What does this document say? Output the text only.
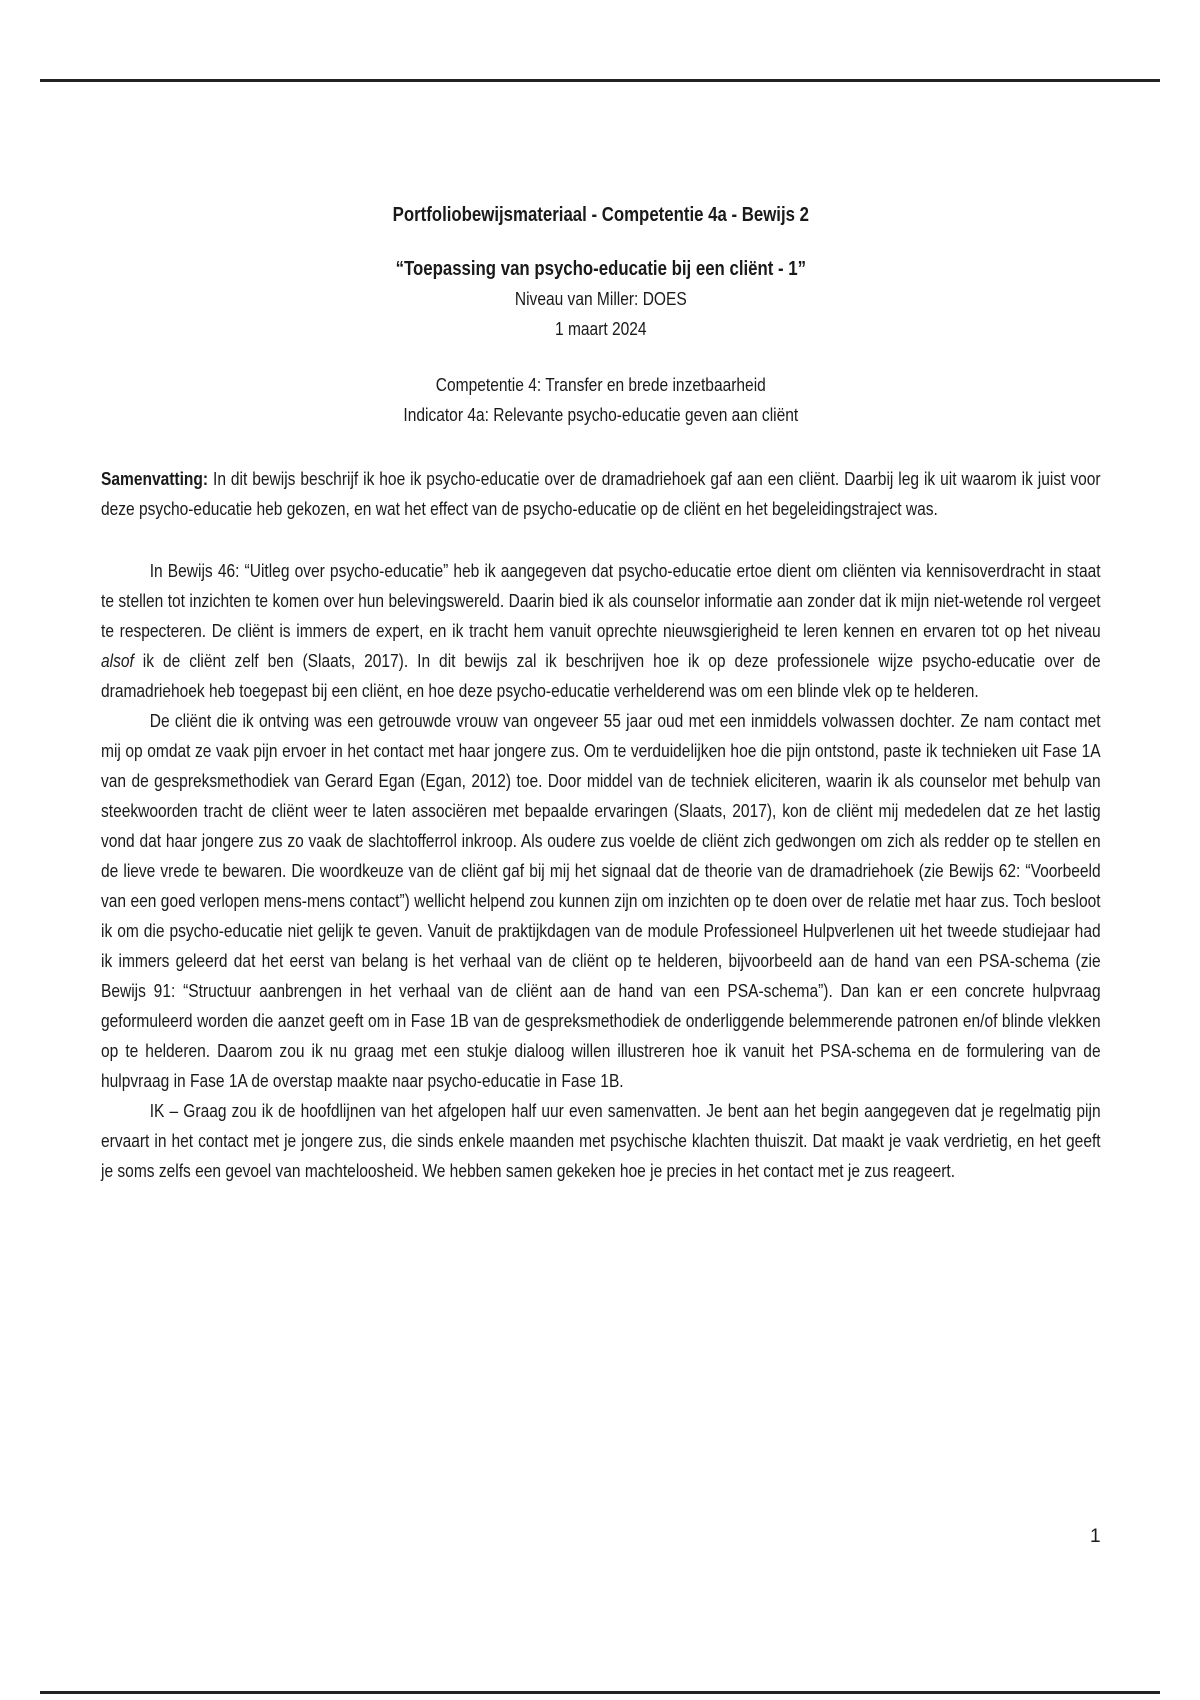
Portfoliobewijsmateriaal - Competentie 4a - Bewijs 2

“Toepassing van psycho-educatie bij een cliënt - 1”

Niveau van Miller: DOES

1 maart 2024

Competentie 4: Transfer en brede inzetbaarheid

Indicator 4a: Relevante psycho-educatie geven aan cliënt

Samenvatting: In dit bewijs beschrijf ik hoe ik psycho-educatie over de dramadriehoek gaf aan een cliënt. Daarbij leg ik uit waarom ik juist voor deze psycho-educatie heb gekozen, en wat het effect van de psycho-educatie op de cliënt en het begeleidingstraject was.

In Bewijs 46: “Uitleg over psycho-educatie” heb ik aangegeven dat psycho-educatie ertoe dient om cliënten via kennisoverdracht in staat te stellen tot inzichten te komen over hun belevingswereld. Daarin bied ik als counselor informatie aan zonder dat ik mijn niet-wetende rol vergeet te respecteren. De cliënt is immers de expert, en ik tracht hem vanuit oprechte nieuwsgierigheid te leren kennen en ervaren tot op het niveau alsof ik de cliënt zelf ben (Slaats, 2017). In dit bewijs zal ik beschrijven hoe ik op deze professionele wijze psycho-educatie over de dramadriehoek heb toegepast bij een cliënt, en hoe deze psycho-educatie verhelderend was om een blinde vlek op te helderen.

De cliënt die ik ontving was een getrouwde vrouw van ongeveer 55 jaar oud met een inmiddels volwassen dochter. Ze nam contact met mij op omdat ze vaak pijn ervoer in het contact met haar jongere zus. Om te verduidelijken hoe die pijn ontstond, paste ik technieken uit Fase 1A van de gespreksmethodiek van Gerard Egan (Egan, 2012) toe. Door middel van de techniek eliciteren, waarin ik als counselor met behulp van steekwoorden tracht de cliënt weer te laten associëren met bepaalde ervaringen (Slaats, 2017), kon de cliënt mij mededelen dat ze het lastig vond dat haar jongere zus zo vaak de slachtofferrol inkroop. Als oudere zus voelde de cliënt zich gedwongen om zich als redder op te stellen en de lieve vrede te bewaren. Die woordkeuze van de cliënt gaf bij mij het signaal dat de theorie van de dramadriehoek (zie Bewijs 62: “Voorbeeld van een goed verlopen mens-mens contact”) wellicht helpend zou kunnen zijn om inzichten op te doen over de relatie met haar zus. Toch besloot ik om die psycho-educatie niet gelijk te geven. Vanuit de praktijkdagen van de module Professioneel Hulpverlenen uit het tweede studiejaar had ik immers geleerd dat het eerst van belang is het verhaal van de cliënt op te helderen, bijvoorbeeld aan de hand van een PSA-schema (zie Bewijs 91: “Structuur aanbrengen in het verhaal van de cliënt aan de hand van een PSA-schema”). Dan kan er een concrete hulpvraag geformuleerd worden die aanzet geeft om in Fase 1B van de gespreksmethodiek de onderliggende belemmerende patronen en/of blinde vlekken op te helderen. Daarom zou ik nu graag met een stukje dialoog willen illustreren hoe ik vanuit het PSA-schema en de formulering van de hulpvraag in Fase 1A de overstap maakte naar psycho-educatie in Fase 1B.

IK – Graag zou ik de hoofdlijnen van het afgelopen half uur even samenvatten. Je bent aan het begin aangegeven dat je regelmatig pijn ervaart in het contact met je jongere zus, die sinds enkele maanden met psychische klachten thuiszit. Dat maakt je vaak verdrietig, en het geeft je soms zelfs een gevoel van machteloosheid. We hebben samen gekeken hoe je precies in het contact met je zus reageert.

1
